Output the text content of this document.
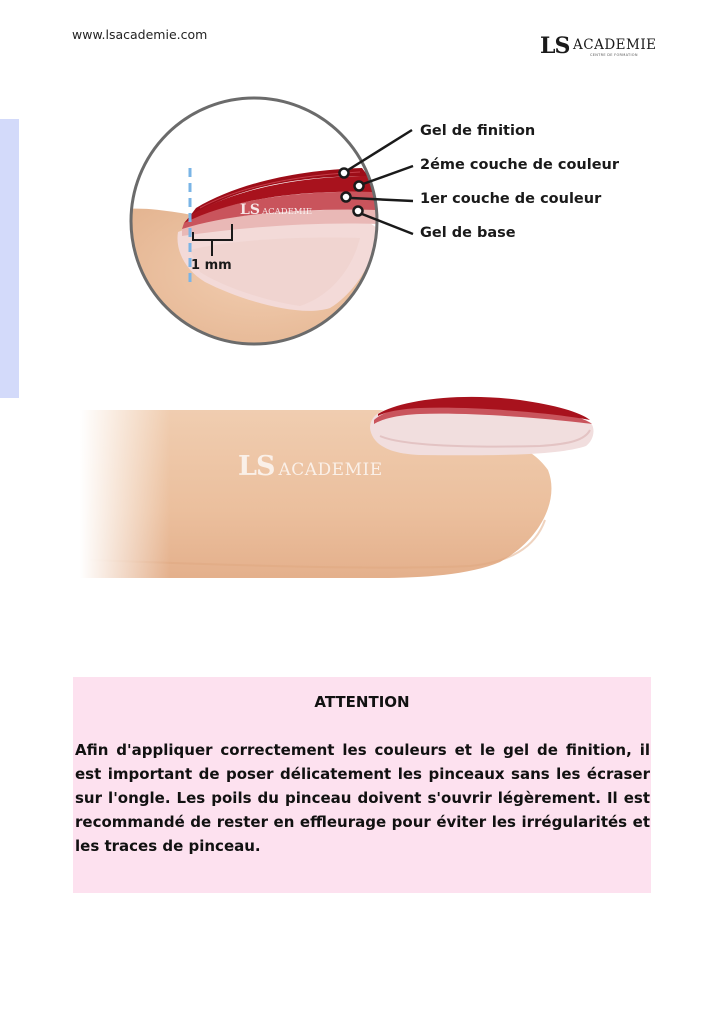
www.lsacademie.com	LS ACADEMIE
CENTRE DE FORMATION
Gel de finition
2éme couche de couleur
1er couche de couleur
Gel de base
1 mm
LS ACADEMIE
LS ACADEMIE
ATTENTION
Afin d'appliquer correctement les couleurs et le gel de finition, il est important de poser délicatement les pinceaux sans les écraser sur l'ongle. Les poils du pinceau doivent s'ouvrir légèrement. Il est recommandé de rester en effleurage pour éviter les irrégularités et les traces de pinceau.
